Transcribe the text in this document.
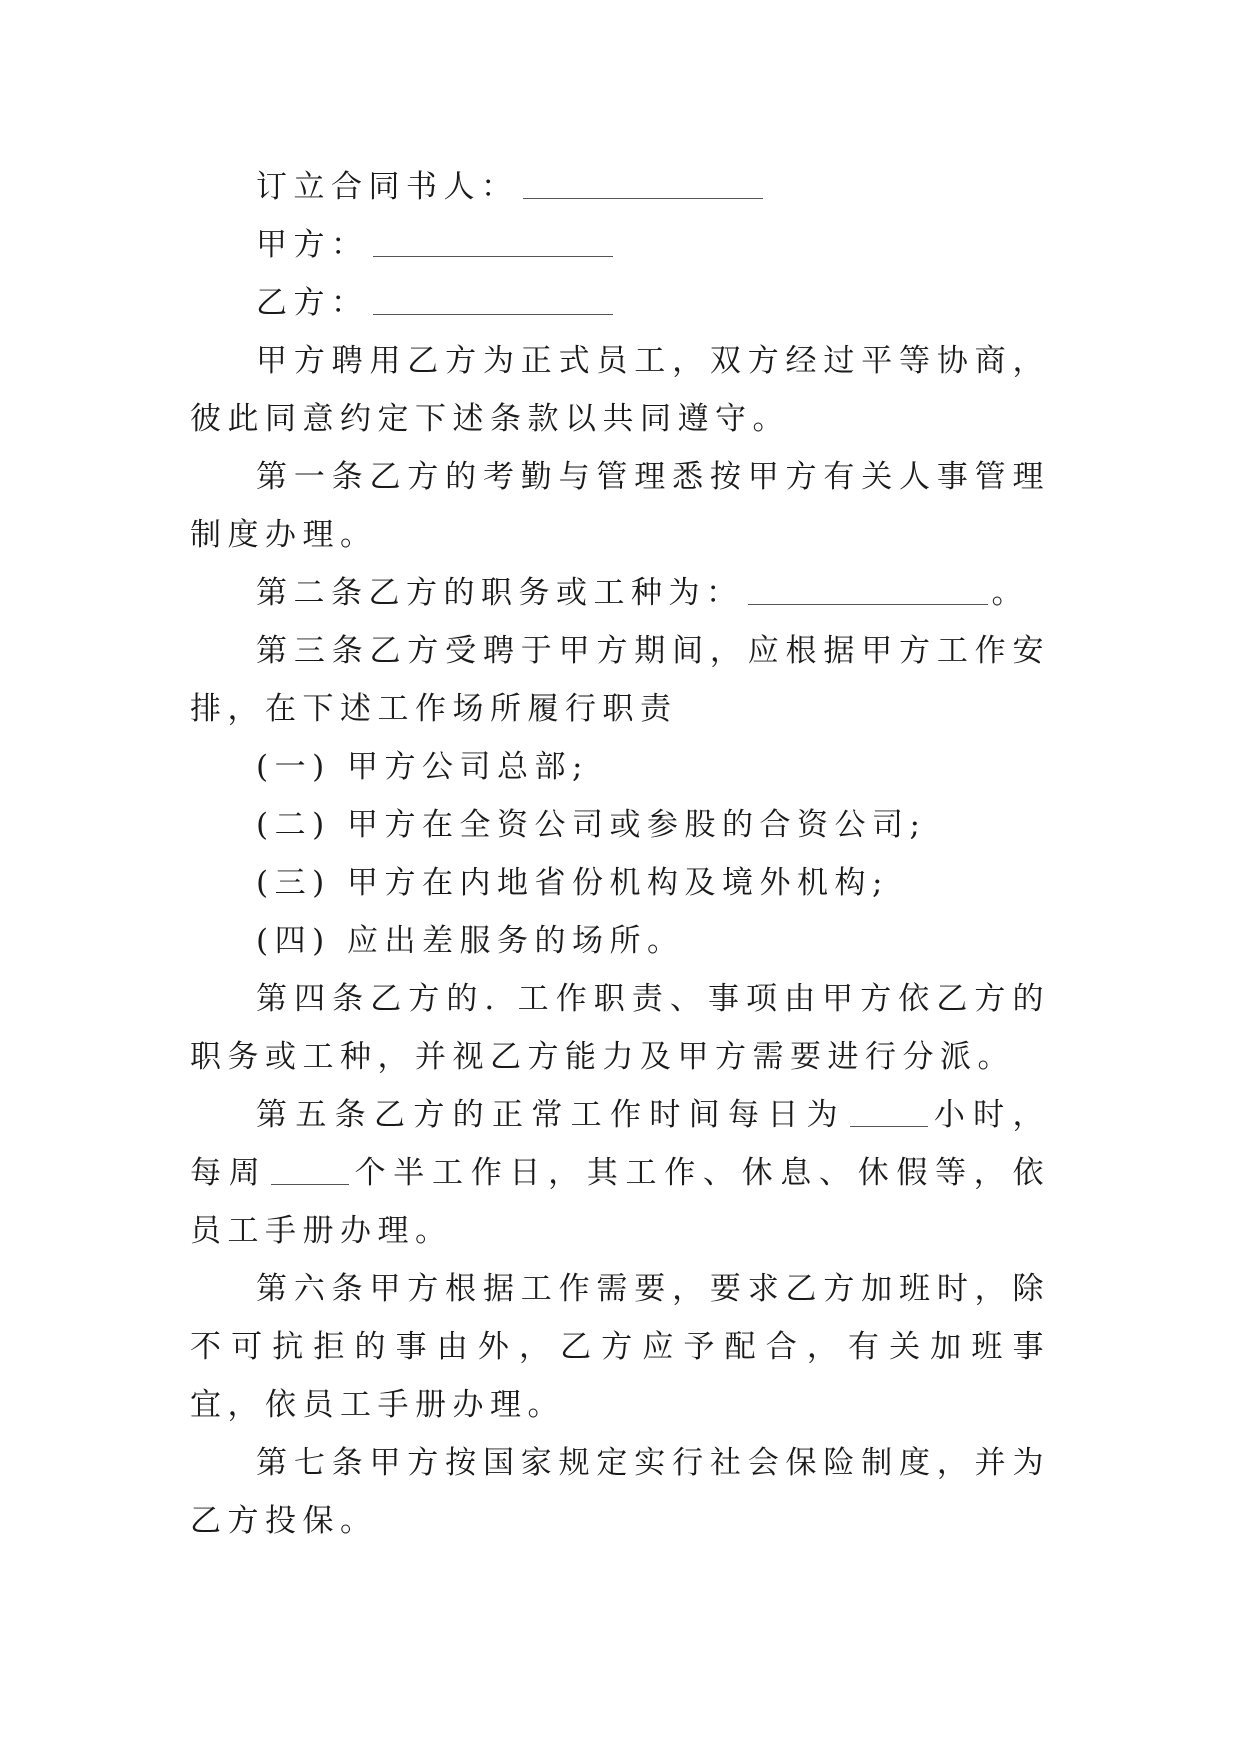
订立合同书人：

甲方：

乙方：

甲方聘用乙方为正式员工，双方经过平等协商，彼此同意约定下述条款以共同遵守。

第一条乙方的考勤与管理悉按甲方有关人事管理制度办理。

第二条乙方的职务或工种为：	。

第三条乙方受聘于甲方期间，应根据甲方工作安排，在下述工作场所履行职责

(一) 甲方公司总部;

(二) 甲方在全资公司或参股的合资公司;

(三) 甲方在内地省份机构及境外机构;

(四) 应出差服务的场所。

第四条乙方的. 工作职责、事项由甲方依乙方的职务或工种，并视乙方能力及甲方需要进行分派。

第五条乙方的正常工作时间每日为	小时，每周	个半工作日，其工作、休息、休假等，依员工手册办理。

第六条甲方根据工作需要，要求乙方加班时，除不可抗拒的事由外，乙方应予配合，有关加班事宜，依员工手册办理。

第七条甲方按国家规定实行社会保险制度，并为乙方投保。
